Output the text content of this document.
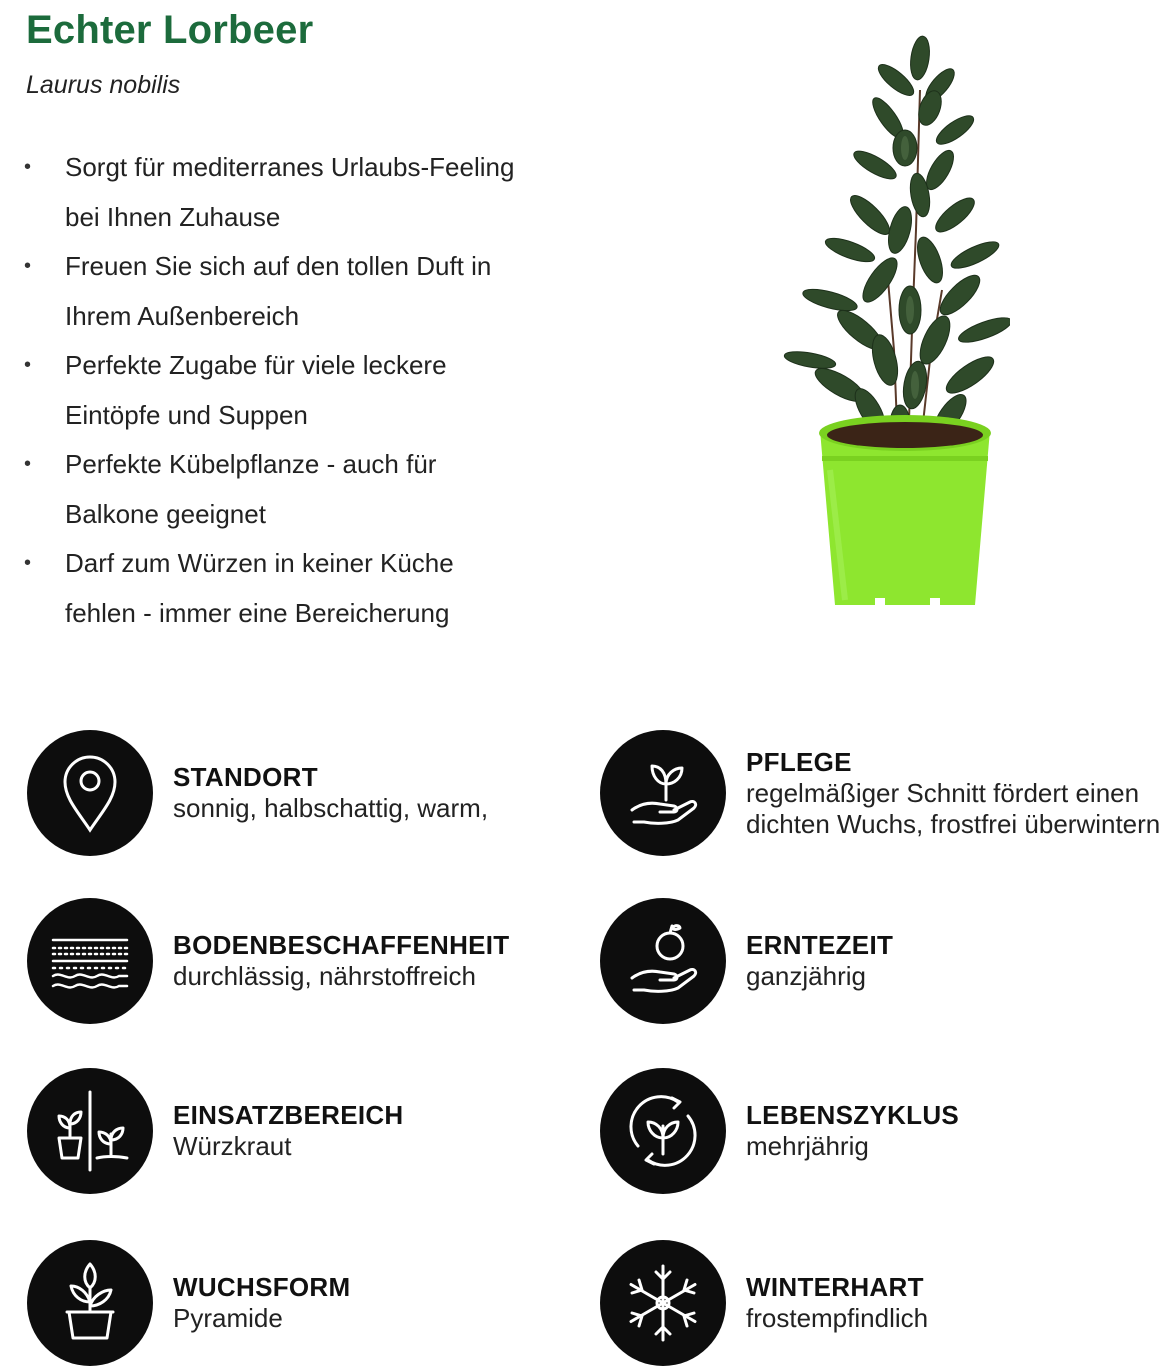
Echter Lorbeer
Laurus nobilis
• Sorgt für mediterranes Urlaubs-Feeling
bei Ihnen Zuhause
• Freuen Sie sich auf den tollen Duft in
Ihrem Außenbereich
• Perfekte Zugabe für viele leckere
Eintöpfe und Suppen
• Perfekte Kübelpflanze - auch für
Balkone geeignet
• Darf zum Würzen in keiner Küche
fehlen - immer eine Bereicherung
STANDORT
sonnig, halbschattig, warm,
PFLEGE
regelmäßiger Schnitt fördert einen
dichten Wuchs, frostfrei überwintern
BODENBESCHAFFENHEIT
durchlässig, nährstoffreich
ERNTEZEIT
ganzjährig
EINSATZBEREICH
Würzkraut
LEBENSZYKLUS
mehrjährig
WUCHSFORM
Pyramide
WINTERHART
frostempfindlich
